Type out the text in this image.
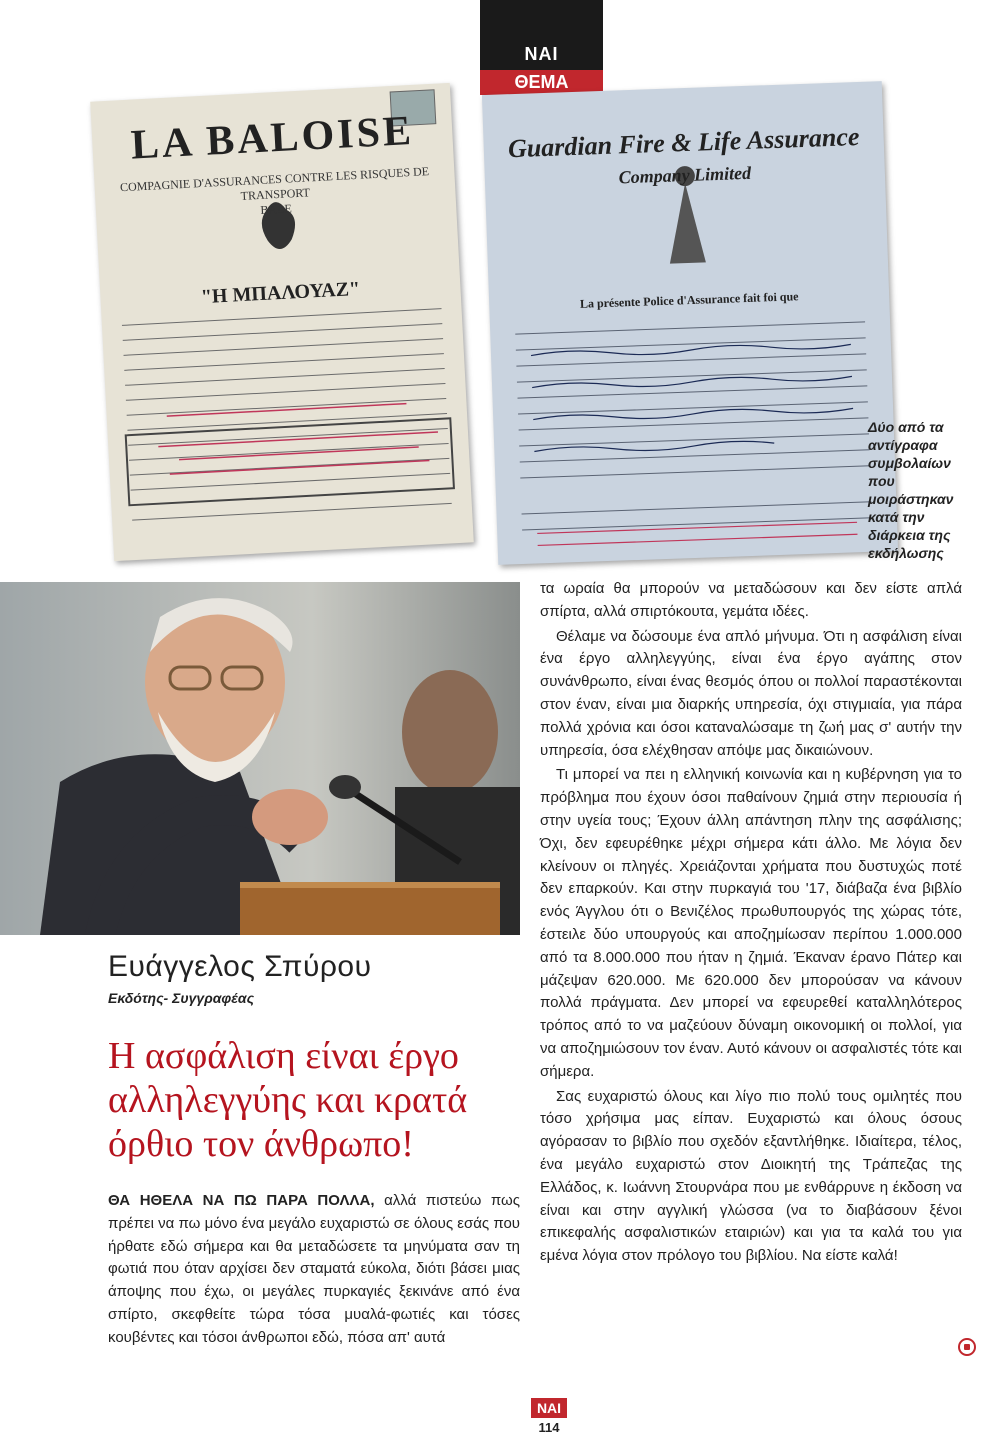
ΝΑΙ
ΘΕΜΑ
LA BALOISE
COMPAGNIE D'ASSURANCES CONTRE LES RISQUES DE TRANSPORT
BALE
"Η ΜΠΑΛΟΥΑΖ"
Guardian Fire & Life Assurance
Company Limited
La présente Police d'Assurance fait foi que
Δύο από τα
αντίγραφα
συμβολαίων
που
μοιράστηκαν
κατά την
διάρκεια της
εκδήλωσης
Ευάγγελος Σπύρου
Εκδότης- Συγγραφέας
Η ασφάλιση είναι έργο αλληλεγγύης και κρατά όρθιο τον άνθρωπο!

ΘΑ ΗΘΕΛΑ ΝΑ ΠΩ ΠΑΡΑ ΠΟΛΛΑ, αλλά πιστεύω πως πρέπει να πω μόνο ένα μεγάλο ευχαριστώ σε όλους εσάς που ήρθατε εδώ σήμερα και θα μεταδώσετε τα μηνύματα σαν τη φωτιά που όταν αρχίσει δεν σταματά εύκολα, διότι βάσει μιας άποψης που έχω, οι μεγάλες πυρκαγιές ξεκινάνε από ένα σπίρτο, σκεφθείτε τώρα τόσα μυαλά-φωτιές και τόσες κουβέντες και τόσοι άνθρωποι εδώ, πόσα απ' αυτά

τα ωραία θα μπορούν να μεταδώσουν και δεν είστε απλά σπίρτα, αλλά σπιρτόκουτα, γεμάτα ιδέες.

Θέλαμε να δώσουμε ένα απλό μήνυμα. Ότι η ασφάλιση είναι ένα έργο αλληλεγγύης, είναι ένα έργο αγάπης στον συνάνθρωπο, είναι ένας θεσμός όπου οι πολλοί παραστέκονται στον έναν, είναι μια διαρκής υπηρεσία, όχι στιγμιαία, για πάρα πολλά χρόνια και όσοι καταναλώσαμε τη ζωή μας σ' αυτήν την υπηρεσία, όσα ελέχθησαν απόψε μας δικαιώνουν.

Τι μπορεί να πει η ελληνική κοινωνία και η κυβέρνηση για το πρόβλημα που έχουν όσοι παθαίνουν ζημιά στην περιουσία ή στην υγεία τους; Έχουν άλλη απάντηση πλην της ασφάλισης; Όχι, δεν εφευρέθηκε μέχρι σήμερα κάτι άλλο. Με λόγια δεν κλείνουν οι πληγές. Χρειάζονται χρήματα που δυστυχώς ποτέ δεν επαρκούν. Και στην πυρκαγιά του '17, διάβαζα ένα βιβλίο ενός Άγγλου ότι ο Βενιζέλος πρωθυπουργός της χώρας τότε, έστειλε δύο υπουργούς και αποζημίωσαν περίπου 1.000.000 από τα 8.000.000 που ήταν η ζημιά. Έκαναν έρανο Πάτερ και μάζεψαν 620.000. Με 620.000 δεν μπορούσαν να κάνουν πολλά πράγματα. Δεν μπορεί να εφευρεθεί καταλληλότερος τρόπος από το να μαζεύουν δύναμη οικονομική οι πολλοί, για να αποζημιώσουν τον έναν. Αυτό κάνουν οι ασφαλιστές τότε και σήμερα.

Σας ευχαριστώ όλους και λίγο πιο πολύ τους ομιλητές που τόσο χρήσιμα μας είπαν. Ευχαριστώ και όλους όσους αγόρασαν το βιβλίο που σχεδόν εξαντλήθηκε. Ιδιαίτερα, τέλος, ένα μεγάλο ευχαριστώ στον Διοικητή της Τράπεζας της Ελλάδος, κ. Ιωάννη Στουρνάρα που με ενθάρρυνε η έκδοση να είναι και στην αγγλική γλώσσα (να το διαβάσουν ξένοι επικεφαλής ασφαλιστικών εταιριών) και για τα καλά του για εμένα λόγια στον πρόλογο του βιβλίου. Να είστε καλά!

ΝΑΙ
114
